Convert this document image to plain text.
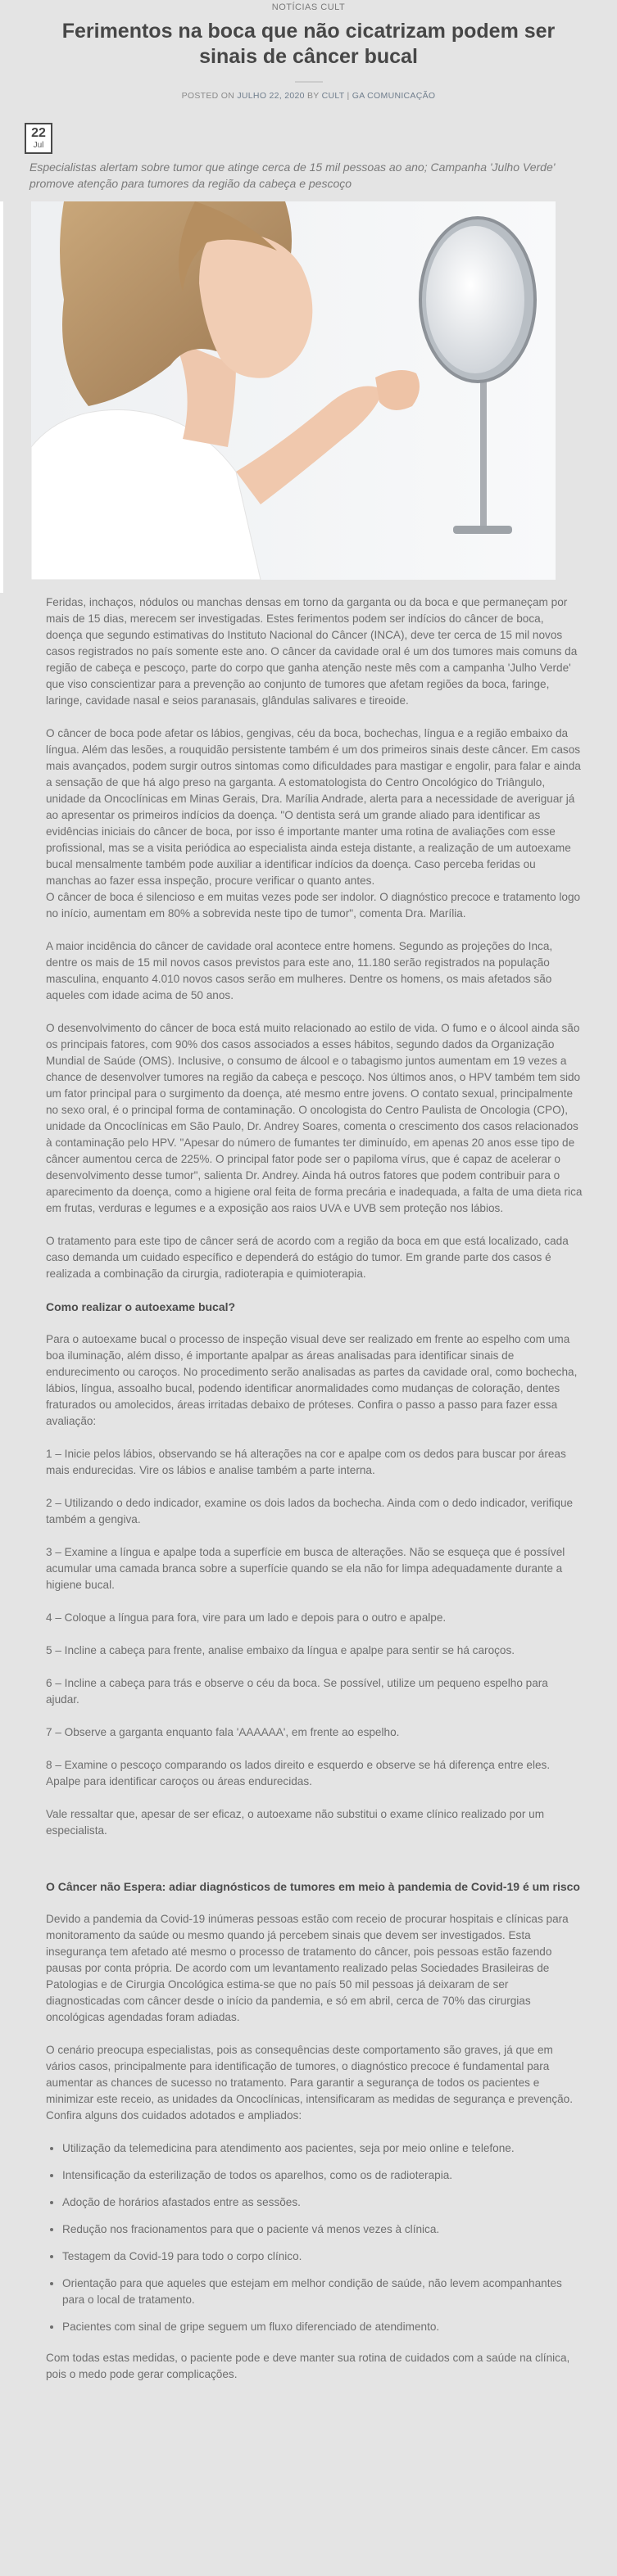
NOTÍCIAS CULT
Ferimentos na boca que não cicatrizam podem ser sinais de câncer bucal
POSTED ON JULHO 22, 2020 BY CULT | GA COMUNICAÇÃO
22
Jul
Especialistas alertam sobre tumor que atinge cerca de 15 mil pessoas ao ano; Campanha 'Julho Verde' promove atenção para tumores da região da cabeça e pescoço

Feridas, inchaços, nódulos ou manchas densas em torno da garganta ou da boca e que permaneçam por mais de 15 dias, merecem ser investigadas. Estes ferimentos podem ser indícios do câncer de boca, doença que segundo estimativas do Instituto Nacional do Câncer (INCA), deve ter cerca de 15 mil novos casos registrados no país somente este ano. O câncer da cavidade oral é um dos tumores mais comuns da região de cabeça e pescoço, parte do corpo que ganha atenção neste mês com a campanha 'Julho Verde' que viso conscientizar para a prevenção ao conjunto de tumores que afetam regiões da boca, faringe, laringe, cavidade nasal e seios paranasais, glândulas salivares e tireoide.

O câncer de boca pode afetar os lábios, gengivas, céu da boca, bochechas, língua e a região embaixo da língua. Além das lesões, a rouquidão persistente também é um dos primeiros sinais deste câncer. Em casos mais avançados, podem surgir outros sintomas como dificuldades para mastigar e engolir, para falar e ainda a sensação de que há algo preso na garganta. A estomatologista do Centro Oncológico do Triângulo, unidade da Oncoclínicas em Minas Gerais, Dra. Marília Andrade, alerta para a necessidade de averiguar já ao apresentar os primeiros indícios da doença. "O dentista será um grande aliado para identificar as evidências iniciais do câncer de boca, por isso é importante manter uma rotina de avaliações com esse profissional, mas se a visita periódica ao especialista ainda esteja distante, a realização de um autoexame bucal mensalmente também pode auxiliar a identificar indícios da doença. Caso perceba feridas ou manchas ao fazer essa inspeção, procure verificar o quanto antes.

O câncer de boca é silencioso e em muitas vezes pode ser indolor. O diagnóstico precoce e tratamento logo no início, aumentam em 80% a sobrevida neste tipo de tumor", comenta Dra. Marília.

A maior incidência do câncer de cavidade oral acontece entre homens. Segundo as projeções do Inca, dentre os mais de 15 mil novos casos previstos para este ano, 11.180 serão registrados na população masculina, enquanto 4.010 novos casos serão em mulheres. Dentre os homens, os mais afetados são aqueles com idade acima de 50 anos.

O desenvolvimento do câncer de boca está muito relacionado ao estilo de vida. O fumo e o álcool ainda são os principais fatores, com 90% dos casos associados a esses hábitos, segundo dados da Organização Mundial de Saúde (OMS). Inclusive, o consumo de álcool e o tabagismo juntos aumentam em 19 vezes a chance de desenvolver tumores na região da cabeça e pescoço. Nos últimos anos, o HPV também tem sido um fator principal para o surgimento da doença, até mesmo entre jovens. O contato sexual, principalmente no sexo oral, é o principal forma de contaminação. O oncologista do Centro Paulista de Oncologia (CPO), unidade da Oncoclínicas em São Paulo, Dr. Andrey Soares, comenta o crescimento dos casos relacionados à contaminação pelo HPV. "Apesar do número de fumantes ter diminuído, em apenas 20 anos esse tipo de câncer aumentou cerca de 225%. O principal fator pode ser o papiloma vírus, que é capaz de acelerar o desenvolvimento desse tumor", salienta Dr. Andrey. Ainda há outros fatores que podem contribuir para o aparecimento da doença, como a higiene oral feita de forma precária e inadequada, a falta de uma dieta rica em frutas, verduras e legumes e a exposição aos raios UVA e UVB sem proteção nos lábios.

O tratamento para este tipo de câncer será de acordo com a região da boca em que está localizado, cada caso demanda um cuidado específico e dependerá do estágio do tumor. Em grande parte dos casos é realizada a combinação da cirurgia, radioterapia e quimioterapia.

Como realizar o autoexame bucal?

Para o autoexame bucal o processo de inspeção visual deve ser realizado em frente ao espelho com uma boa iluminação, além disso, é importante apalpar as áreas analisadas para identificar sinais de endurecimento ou caroços. No procedimento serão analisadas as partes da cavidade oral, como bochecha, lábios, língua, assoalho bucal, podendo identificar anormalidades como mudanças de coloração, dentes fraturados ou amolecidos, áreas irritadas debaixo de próteses. Confira o passo a passo para fazer essa avaliação:

1 – Inicie pelos lábios, observando se há alterações na cor e apalpe com os dedos para buscar por áreas mais endurecidas. Vire os lábios e analise também a parte interna.

2 – Utilizando o dedo indicador, examine os dois lados da bochecha. Ainda com o dedo indicador, verifique também a gengiva.

3 – Examine a língua e apalpe toda a superfície em busca de alterações. Não se esqueça que é possível acumular uma camada branca sobre a superfície quando se ela não for limpa adequadamente durante a higiene bucal.

4 – Coloque a língua para fora, vire para um lado e depois para o outro e apalpe.

5 – Incline a cabeça para frente, analise embaixo da língua e apalpe para sentir se há caroços.

6 – Incline a cabeça para trás e observe o céu da boca. Se possível, utilize um pequeno espelho para ajudar.

7 – Observe a garganta enquanto fala 'AAAAAA', em frente ao espelho.

8 – Examine o pescoço comparando os lados direito e esquerdo e observe se há diferença entre eles. Apalpe para identificar caroços ou áreas endurecidas.

Vale ressaltar que, apesar de ser eficaz, o autoexame não substitui o exame clínico realizado por um especialista.

O Câncer não Espera: adiar diagnósticos de tumores em meio à pandemia de Covid-19 é um risco

Devido a pandemia da Covid-19 inúmeras pessoas estão com receio de procurar hospitais e clínicas para monitoramento da saúde ou mesmo quando já percebem sinais que devem ser investigados. Esta insegurança tem afetado até mesmo o processo de tratamento do câncer, pois pessoas estão fazendo pausas por conta própria. De acordo com um levantamento realizado pelas Sociedades Brasileiras de Patologias e de Cirurgia Oncológica estima-se que no país 50 mil pessoas já deixaram de ser diagnosticadas com câncer desde o início da pandemia, e só em abril, cerca de 70% das cirurgias oncológicas agendadas foram adiadas.

O cenário preocupa especialistas, pois as consequências deste comportamento são graves, já que em vários casos, principalmente para identificação de tumores, o diagnóstico precoce é fundamental para aumentar as chances de sucesso no tratamento. Para garantir a segurança de todos os pacientes e minimizar este receio, as unidades da Oncoclínicas, intensificaram as medidas de segurança e prevenção. Confira alguns dos cuidados adotados e ampliados:

• Utilização da telemedicina para atendimento aos pacientes, seja por meio online e telefone.
• Intensificação da esterilização de todos os aparelhos, como os de radioterapia.
• Adoção de horários afastados entre as sessões.
• Redução nos fracionamentos para que o paciente vá menos vezes à clínica.
• Testagem da Covid-19 para todo o corpo clínico.
• Orientação para que aqueles que estejam em melhor condição de saúde, não levem acompanhantes para o local de tratamento.
• Pacientes com sinal de gripe seguem um fluxo diferenciado de atendimento.

Com todas estas medidas, o paciente pode e deve manter sua rotina de cuidados com a saúde na clínica, pois o medo pode gerar complicações.
